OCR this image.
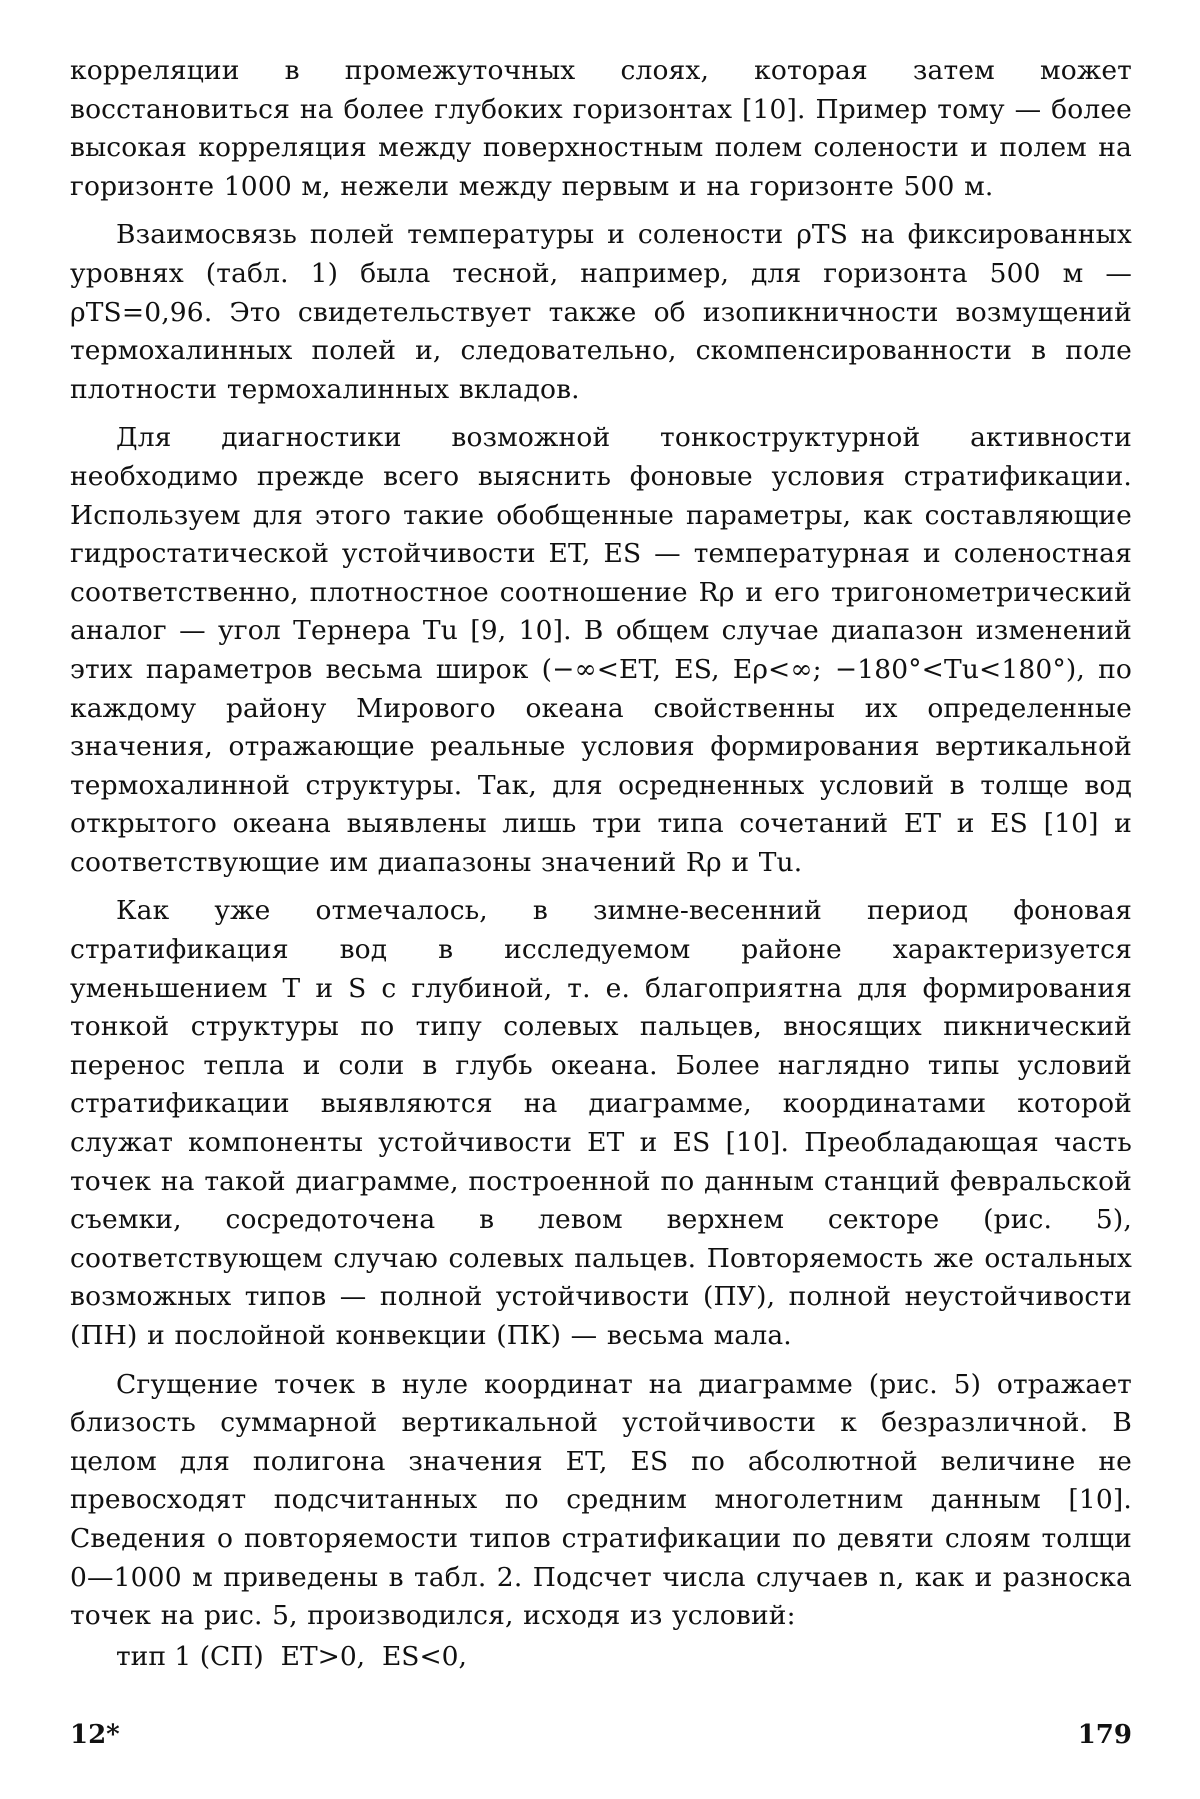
корреляции в промежуточных слоях, которая затем может восстановиться на более глубоких горизонтах [10]. Пример тому — более высокая корреляция между поверхностным полем солености и полем на горизонте 1000 м, нежели между первым и на горизонте 500 м.

Взаимосвязь полей температуры и солености ρTS на фиксированных уровнях (табл. 1) была тесной, например, для горизонта 500 м — ρTS=0,96. Это свидетельствует также об изопикничности возмущений термохалинных полей и, следовательно, скомпенсированности в поле плотности термохалинных вкладов.

Для диагностики возможной тонкоструктурной активности необходимо прежде всего выяснить фоновые условия стратификации. Используем для этого такие обобщенные параметры, как составляющие гидростатической устойчивости ET, ES — температурная и соленостная соответственно, плотностное соотношение Rρ и его тригонометрический аналог — угол Тернера Tu [9, 10]. В общем случае диапазон изменений этих параметров весьма широк (−∞<ET, ES, Eρ<∞; −180°<Tu<180°), по каждому району Мирового океана свойственны их определенные значения, отражающие реальные условия формирования вертикальной термохалинной структуры. Так, для осредненных условий в толще вод открытого океана выявлены лишь три типа сочетаний ET и ES [10] и соответствующие им диапазоны значений Rρ и Tu.

Как уже отмечалось, в зимне-весенний период фоновая стратификация вод в исследуемом районе характеризуется уменьшением T и S с глубиной, т. е. благоприятна для формирования тонкой структуры по типу солевых пальцев, вносящих пикнический перенос тепла и соли в глубь океана. Более наглядно типы условий стратификации выявляются на диаграмме, координатами которой служат компоненты устойчивости ET и ES [10]. Преобладающая часть точек на такой диаграмме, построенной по данным станций февральской съемки, сосредоточена в левом верхнем секторе (рис. 5), соответствующем случаю солевых пальцев. Повторяемость же остальных возможных типов — полной устойчивости (ПУ), полной неустойчивости (ПН) и послойной конвекции (ПК) — весьма мала.

Сгущение точек в нуле координат на диаграмме (рис. 5) отражает близость суммарной вертикальной устойчивости к безразличной. В целом для полигона значения ET, ES по абсолютной величине не превосходят подсчитанных по средним многолетним данным [10]. Сведения о повторяемости типов стратификации по девяти слоям толщи 0—1000 м приведены в табл. 2. Подсчет числа случаев n, как и разноска точек на рис. 5, производился, исходя из условий:

тип 1 (СП)  ET>0,  ES<0,
12*	179
